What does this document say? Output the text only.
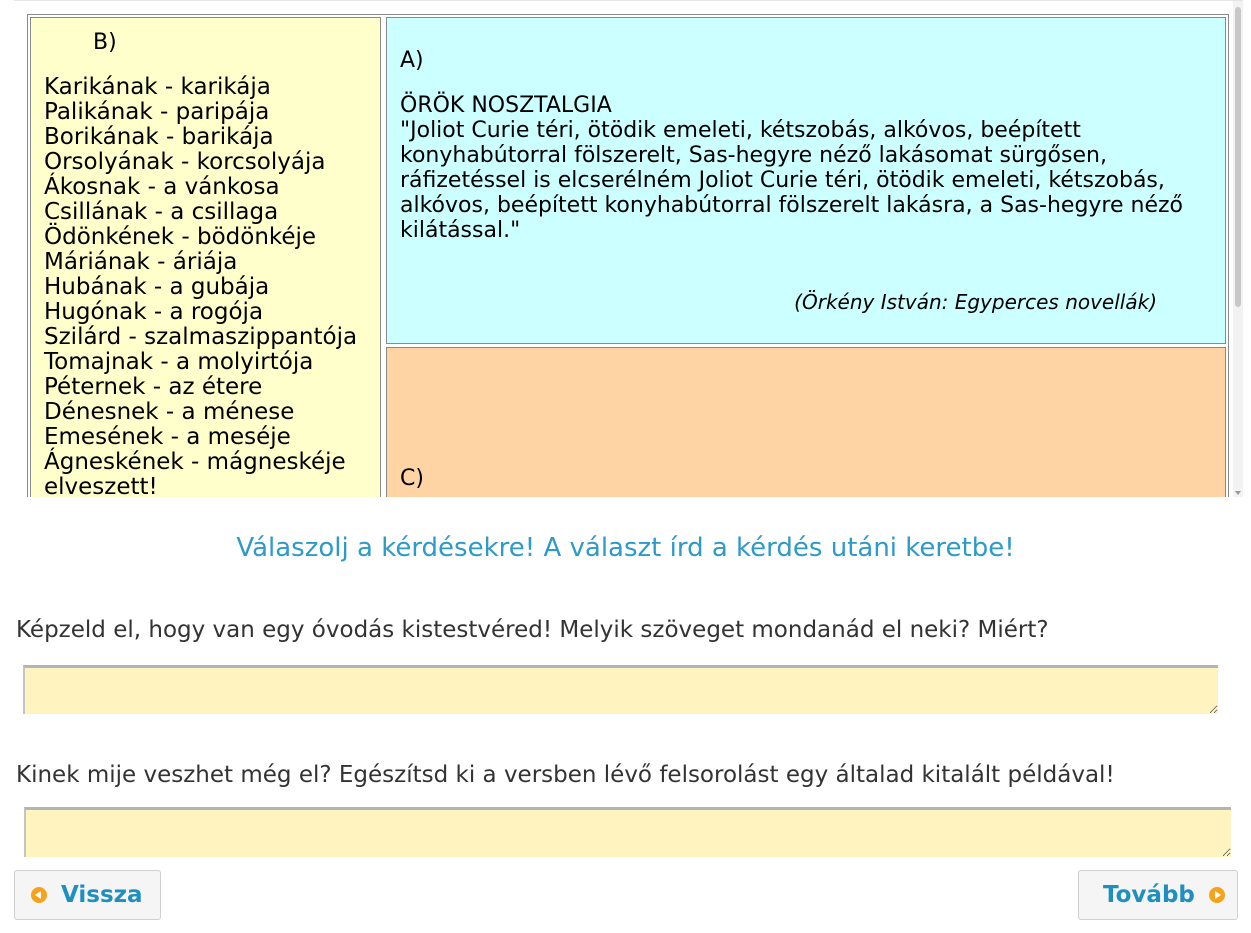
B)
Karikának - karikája
Palikának - paripája
Borikának - barikája
Orsolyának - korcsolyája
Ákosnak - a vánkosa
Csillának - a csillaga
Ödönkének - bödönkéje
Máriának - áriája
Hubának - a gubája
Hugónak - a rogója
Szilárd - szalmaszippantója
Tomajnak - a molyirtója
Péternek - az étere
Dénesnek - a ménese
Emesének - a meséje
Ágneskének - mágneskéje
elveszett!
A)
ÖRÖK NOSZTALGIA
"Joliot Curie téri, ötödik emeleti, kétszobás, alkóvos, beépített konyhabútorral fölszerelt, Sas-hegyre néző lakásomat sürgősen, ráfizetéssel is elcserélném Joliot Curie téri, ötödik emeleti, kétszobás, alkóvos, beépített konyhabútorral fölszerelt lakásra, a Sas-hegyre néző kilátással."
(Örkény István: Egyperces novellák)
C)
Válaszolj a kérdésekre! A választ írd a kérdés utáni keretbe!
Képzeld el, hogy van egy óvodás kistestvéred! Melyik szöveget mondanád el neki? Miért?
Kinek mije veszhet még el? Egészítsd ki a versben lévő felsorolást egy általad kitalált példával!
Vissza	Tovább
